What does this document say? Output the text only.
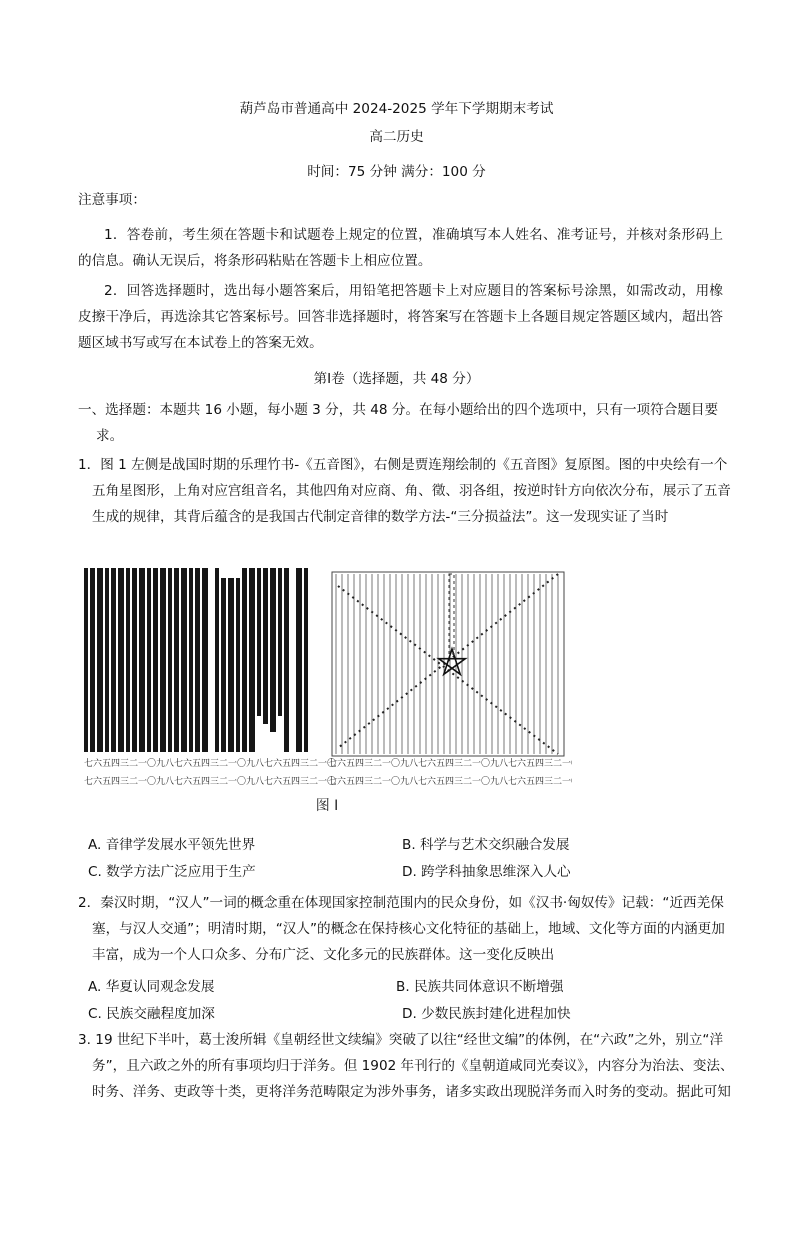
葫芦岛市普通高中 2024-2025 学年下学期期末考试
高二历史
时间：75 分钟 满分：100 分
注意事项：
1．答卷前，考生须在答题卡和试题卷上规定的位置，准确填写本人姓名、准考证号，并核对条形码上的信息。确认无误后，将条形码粘贴在答题卡上相应位置。
2．回答选择题时，选出每小题答案后，用铅笔把答题卡上对应题目的答案标号涂黑，如需改动，用橡皮擦干净后，再选涂其它答案标号。回答非选择题时，将答案写在答题卡上各题目规定答题区域内，超出答题区域书写或写在本试卷上的答案无效。
第Ⅰ卷（选择题，共 48 分）
一、选择题：本题共 16 小题，每小题 3 分，共 48 分。在每小题给出的四个选项中，只有一项符合题目要求。
1．图 1 左侧是战国时期的乐理竹书-《五音图》，右侧是贾连翔绘制的《五音图》复原图。图的中央绘有一个五角星图形，上角对应宫组音名，其他四角对应商、角、徵、羽各组，按逆时针方向依次分布，展示了五音生成的规律，其背后蕴含的是我国古代制定音律的数学方法-“三分损益法”。这一发现实证了当时
七六五四三二一〇九八七六五四三二一〇九八七六五四三二一〇
七六五四三二一〇九八七六五四三二一〇九八七六五四三二一〇
七六五四三二一〇九八七六五四三二一〇九八七六五四三二一〇
七六五四三二一〇九八七六五四三二一〇九八七六五四三二一〇
图 Ⅰ
A. 音律学发展水平领先世界	B. 科学与艺术交织融合发展
C. 数学方法广泛应用于生产	D. 跨学科抽象思维深入人心
2．秦汉时期，“汉人”一词的概念重在体现国家控制范围内的民众身份，如《汉书·匈奴传》记载：“近西羌保塞，与汉人交通”；明清时期，“汉人”的概念在保持核心文化特征的基础上，地域、文化等方面的内涵更加丰富，成为一个人口众多、分布广泛、文化多元的民族群体。这一变化反映出
A. 华夏认同观念发展	B. 民族共同体意识不断增强
C. 民族交融程度加深	D. 少数民族封建化进程加快
3. 19 世纪下半叶，葛士浚所辑《皇朝经世文续编》突破了以往“经世文编”的体例，在“六政”之外，别立“洋务”，且六政之外的所有事项均归于洋务。但 1902 年刊行的《皇朝道咸同光奏议》，内容分为治法、变法、时务、洋务、吏政等十类，更将洋务范畴限定为涉外事务，诸多实政出现脱洋务而入时务的变动。据此可知
